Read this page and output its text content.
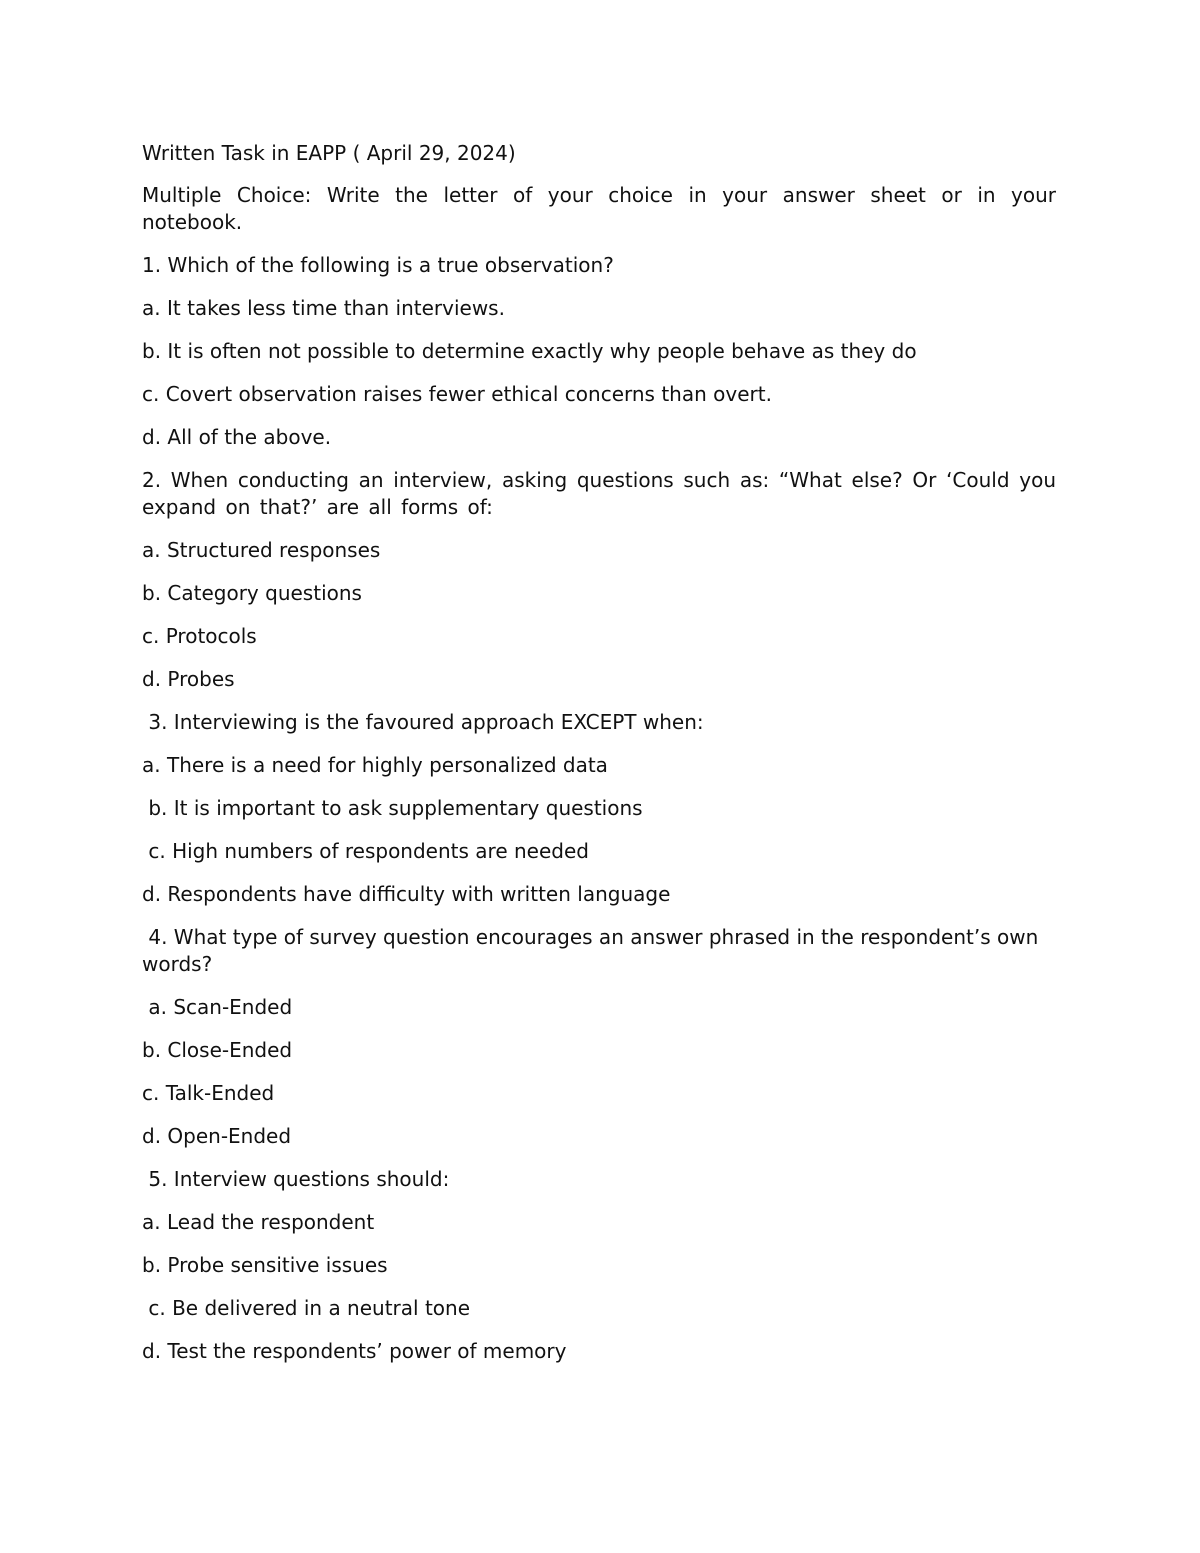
Written Task in EAPP ( April 29, 2024)

Multiple Choice: Write the letter of your choice in your answer sheet or in your notebook.

1. Which of the following is a true observation?

a. It takes less time than interviews.

b. It is often not possible to determine exactly why people behave as they do

c. Covert observation raises fewer ethical concerns than overt.

d. All of the above.

2. When conducting an interview, asking questions such as: “What else? Or ‘Could you expand on that?’ are all forms of:

a. Structured responses

b. Category questions

c. Protocols

d. Probes

3. Interviewing is the favoured approach EXCEPT when:

a. There is a need for highly personalized data

b. It is important to ask supplementary questions

c. High numbers of respondents are needed

d. Respondents have difficulty with written language

4. What type of survey question encourages an answer phrased in the respondent’s own words?

a. Scan-Ended

b. Close-Ended

c. Talk-Ended

d. Open-Ended

5. Interview questions should:

a. Lead the respondent

b. Probe sensitive issues

c. Be delivered in a neutral tone

d. Test the respondents’ power of memory
